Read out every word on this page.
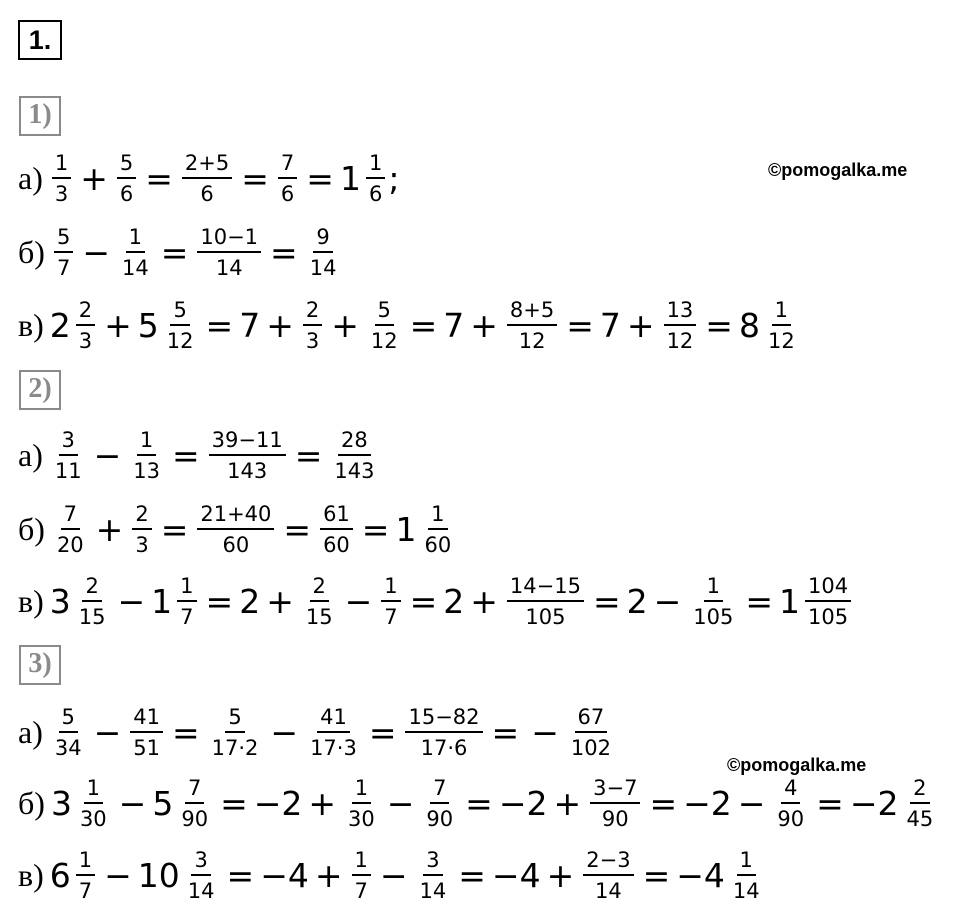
1.
1)
2)
3)
©pomogalka.me
©pomogalka.me
$а) \frac{1}{3} + \frac{5}{6} = \frac{2+5}{6} = \frac{7}{6} = 1 \frac{1}{6}$ ;
$б) \frac{5}{7} - \frac{1}{14} = \frac{10-1}{14} = \frac{9}{14}$
в) $2 \frac{2}{3} + 5 \frac{5}{12} = 7 + \frac{2}{3} + \frac{5}{12} = 7 + \frac{8+5}{12} = 7 + \frac{13}{12} = 8 \frac{1}{12}$
$а) \frac{3}{11} - \frac{1}{13} = \frac{39-11}{143} = \frac{28}{143}$
$б) \frac{7}{20} + \frac{2}{3} = \frac{21+40}{60} = \frac{61}{60} = 1 \frac{1}{60}$
в) $3 \frac{2}{15} - 1 \frac{1}{7} = 2 + \frac{2}{15} - \frac{1}{7} = 2 + \frac{14-15}{105} = 2 - \frac{1}{105} = 1 \frac{104}{105}$
$а) \frac{5}{34} - \frac{41}{51} = \frac{5}{17\cdot 2} - \frac{41}{17\cdot 3} = \frac{15-82}{17\cdot 6}$ = − $\frac{67}{102}$
б) $3 \frac{1}{30} - 5 \frac{7}{90} = -2 + \frac{1}{30} - \frac{7}{90} = -2 + \frac{3-7}{90} = -2 - \frac{4}{90} = -2 \frac{2}{45}$
в) $6 \frac{1}{7} - 10 \frac{3}{14} = -4 + \frac{1}{7} - \frac{3}{14} = -4 + \frac{2-3}{14} = -4 \frac{1}{14}$
